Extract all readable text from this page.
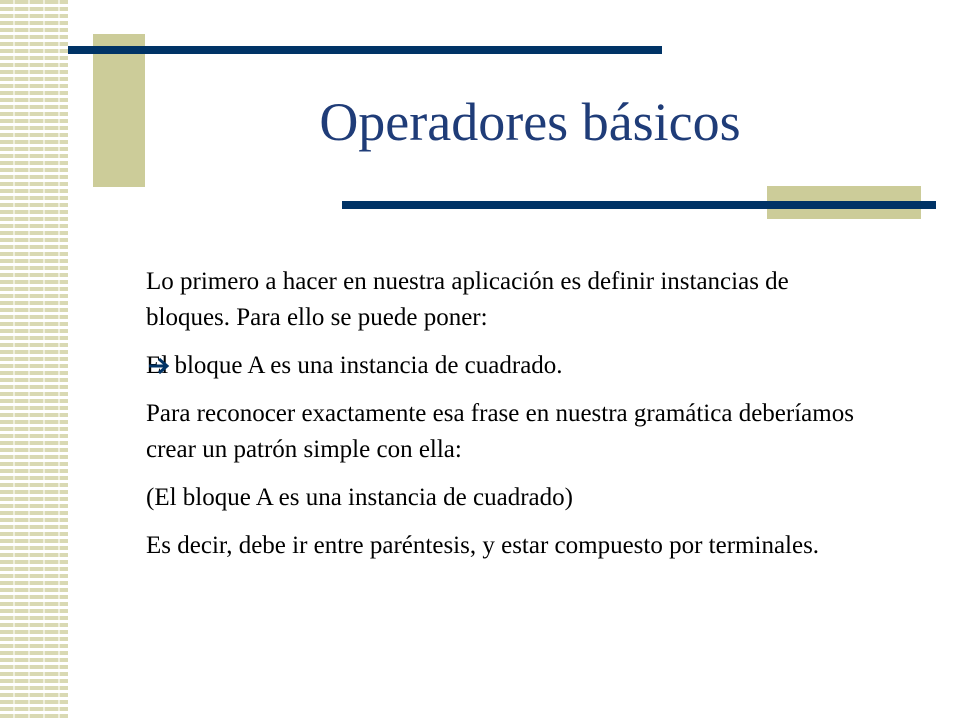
Operadores básicos

Lo primero a hacer en nuestra aplicación es definir instancias de bloques. Para ello se puede poner:

El bloque A es una instancia de cuadrado.

Para reconocer exactamente esa frase en nuestra gramática deberíamos crear un patrón simple con ella:

(El bloque A es una instancia de cuadrado)

Es decir, debe ir entre paréntesis, y estar compuesto por terminales.
